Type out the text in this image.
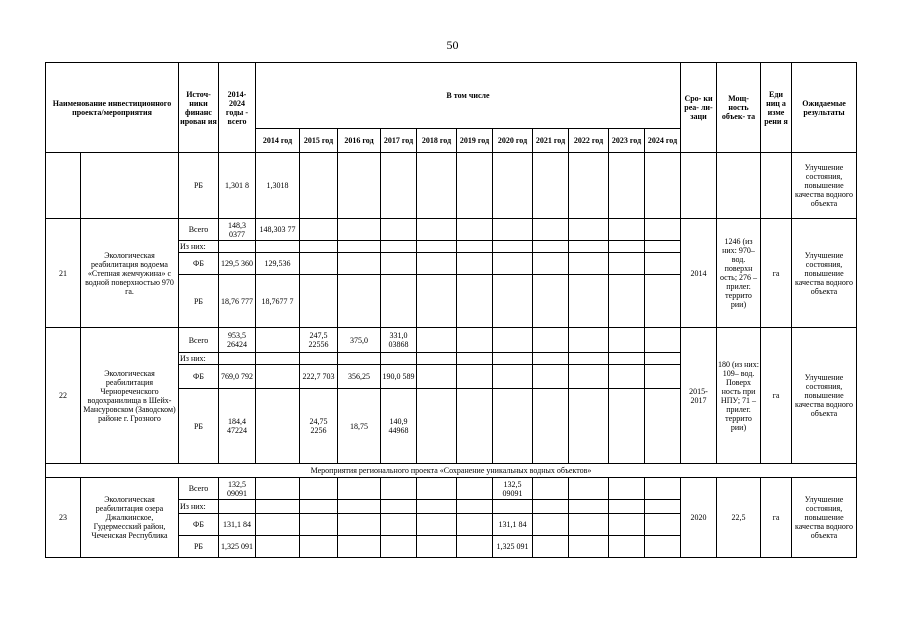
50
Наименование инвестиционного проекта/мероприятия		Источ- ники финанс ирован ия	2014- 2024 годы - всего	В том числе											Сро- ки реа- ли- заци	Мощ- ность объек- та	Еди ниц а изме рени я	Ожидаемые результаты
				2014 год	2015 год	2016 год	2017 год	2018 год	2019 год	2020 год	2021 год	2022 год	2023 год	2024 год				
		РБ	1,301 8	1,3018														Улучшение состояния, повышение качества водного объекта
21	Экологическая реабилитация водоема «Степная жемчужина» с водной поверхностью 970 га.	Всего	148,3 0377	148,303 77											2014	1246 (из них: 970– вод. поверхн ость; 276 – прилег. террито рии)	га	Улучшение состояния, повышение качества водного объекта
		Из них:																
		ФБ	129,5 360	129,536														
		РБ	18,76 777	18,7677 7														
22	Экологическая реабилитация Чернореченского водохранилища в Шейх- Мансуровском (Заводском) районе г. Грозного	Всего	953,5 26424		247,5 22556	375,0	331,0 03868								2015- 2017	180 (из них: 109– вод. Поверх ность при НПУ; 71 – прилег. террито рии)	га	Улучшение состояния, повышение качества водного объекта
		Из них:																
		ФБ	769,0 792		222,7 703	356,25	190,0 589											
		РБ	184,4 47224		24,75 2256	18,75	140,9 44968											
Мероприятия регионального проекта «Сохранение уникальных водных объектов»																		
23	Экологическая реабилитация озера Джалкинское, Гудермесский район, Чеченская Республика	Всего	132,5 09091							132,5 09091					2020	22,5	га	Улучшение состояния, повышение качества водного объекта
		Из них:																
		ФБ	131,1 84							131,1 84								
		РБ	1,325 091							1,325 091								
